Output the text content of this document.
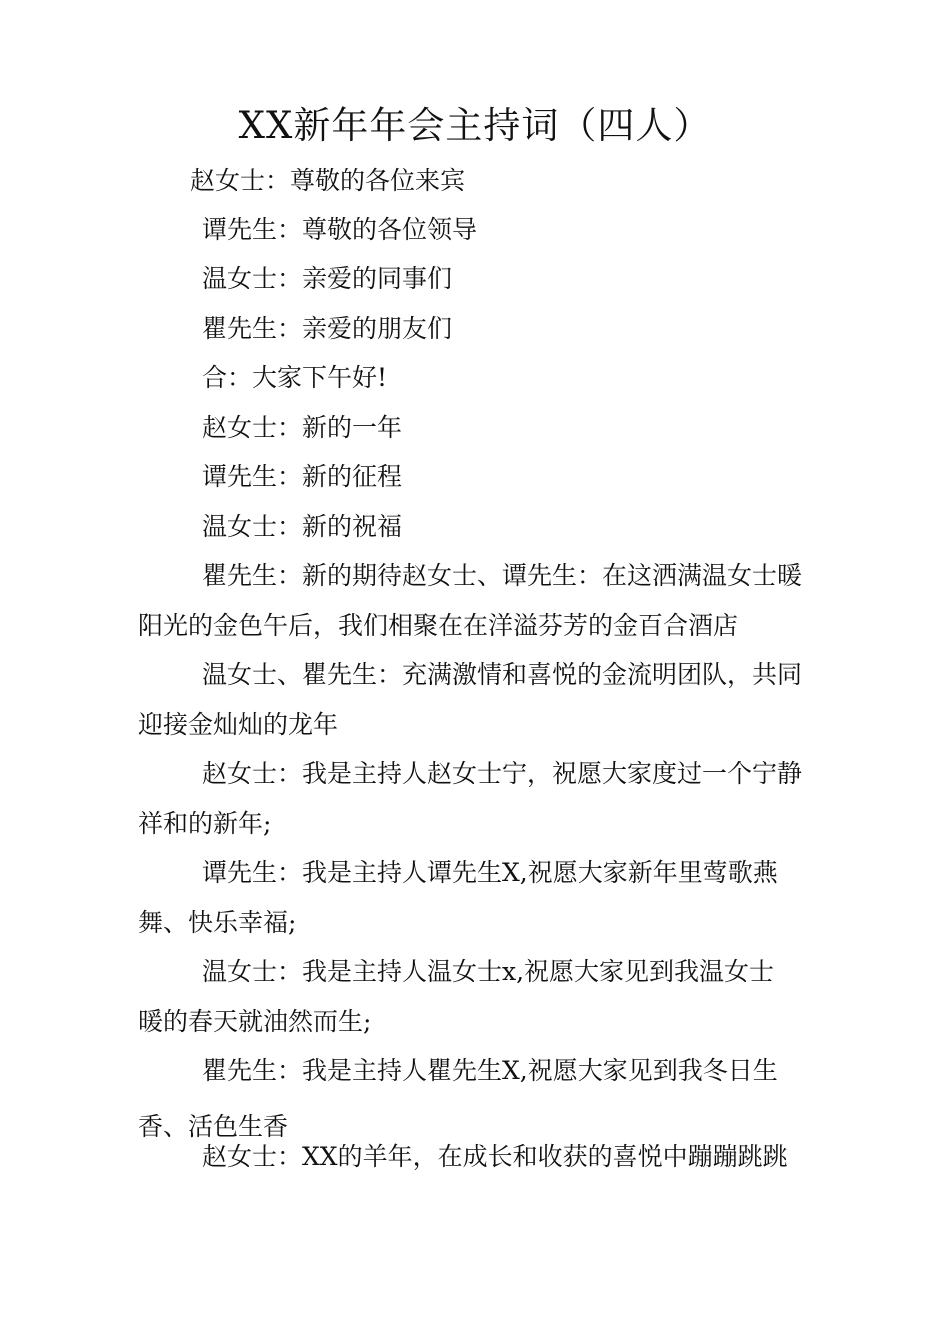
XX新年年会主持词（四人）

赵女士：尊敬的各位来宾

谭先生：尊敬的各位领导

温女士：亲爱的同事们

瞿先生：亲爱的朋友们

合：大家下午好!

赵女士：新的一年

谭先生：新的征程

温女士：新的祝福

瞿先生：新的期待赵女士、谭先生：在这洒满温女士暖

阳光的金色午后，我们相聚在在洋溢芬芳的金百合酒店

温女士、瞿先生：充满激情和喜悦的金流明团队，共同

迎接金灿灿的龙年

赵女士：我是主持人赵女士宁，祝愿大家度过一个宁静

祥和的新年;

谭先生：我是主持人谭先生X,祝愿大家新年里莺歌燕

舞、快乐幸福;

温女士：我是主持人温女士x,祝愿大家见到我温女士

暖的春天就油然而生;

瞿先生：我是主持人瞿先生X,祝愿大家见到我冬日生

香、活色生香

赵女士：XX的羊年，在成长和收获的喜悦中蹦蹦跳跳
